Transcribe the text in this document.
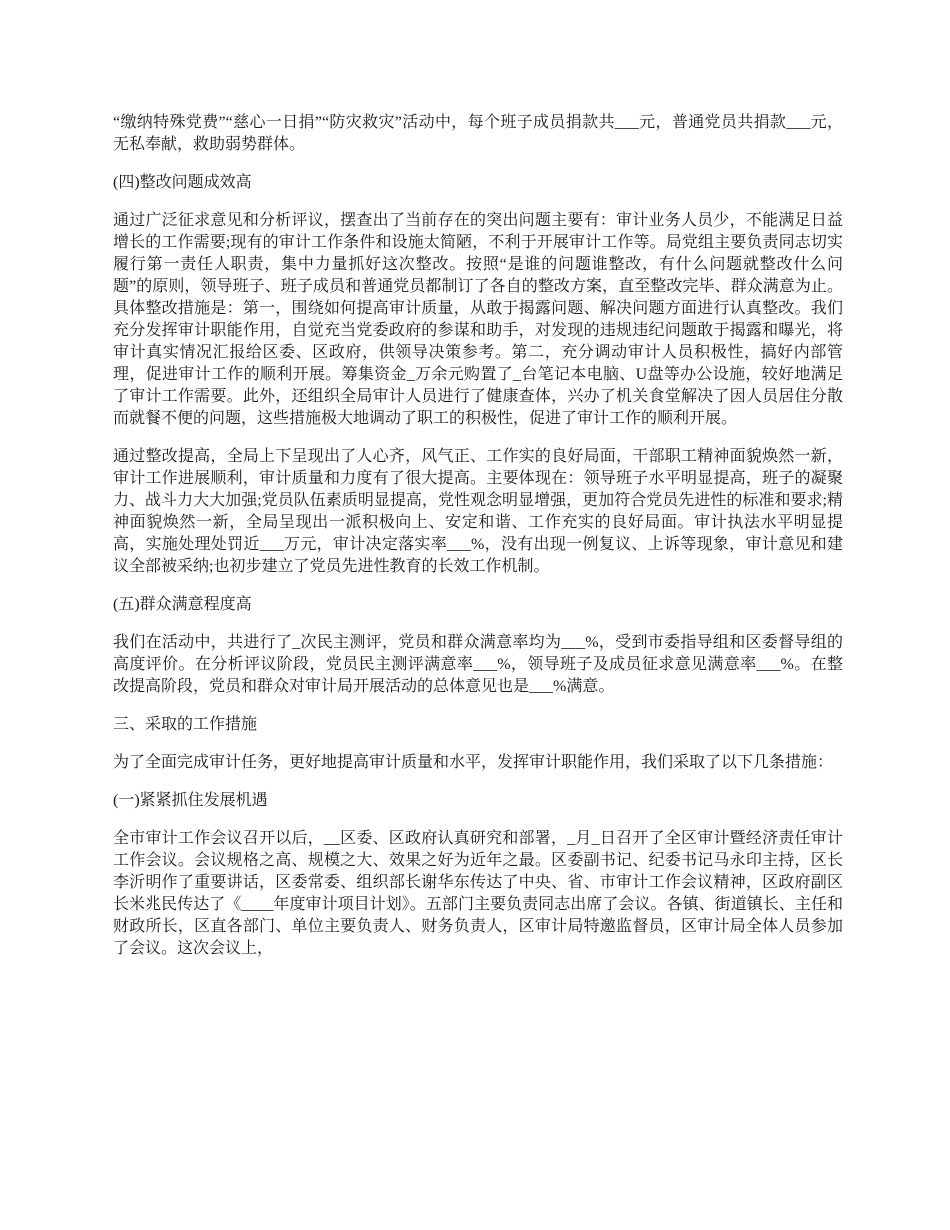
“缴纳特殊党费”“慈心一日捐”“防灾救灾”活动中，每个班子成员捐款共___元，普通党员共捐款___元，无私奉献，救助弱势群体。

(四)整改问题成效高

通过广泛征求意见和分析评议，摆查出了当前存在的突出问题主要有：审计业务人员少，不能满足日益增长的工作需要;现有的审计工作条件和设施太简陋，不利于开展审计工作等。局党组主要负责同志切实履行第一责任人职责，集中力量抓好这次整改。按照“是谁的问题谁整改，有什么问题就整改什么问题”的原则，领导班子、班子成员和普通党员都制订了各自的整改方案，直至整改完毕、群众满意为止。具体整改措施是：第一，围绕如何提高审计质量，从敢于揭露问题、解决问题方面进行认真整改。我们充分发挥审计职能作用，自觉充当党委政府的参谋和助手，对发现的违规违纪问题敢于揭露和曝光，将审计真实情况汇报给区委、区政府，供领导决策参考。第二，充分调动审计人员积极性，搞好内部管理，促进审计工作的顺利开展。筹集资金_万余元购置了_台笔记本电脑、U盘等办公设施，较好地满足了审计工作需要。此外，还组织全局审计人员进行了健康查体，兴办了机关食堂解决了因人员居住分散而就餐不便的问题，这些措施极大地调动了职工的积极性，促进了审计工作的顺利开展。

通过整改提高，全局上下呈现出了人心齐，风气正、工作实的良好局面，干部职工精神面貌焕然一新，审计工作进展顺利，审计质量和力度有了很大提高。主要体现在：领导班子水平明显提高，班子的凝聚力、战斗力大大加强;党员队伍素质明显提高，党性观念明显增强，更加符合党员先进性的标准和要求;精神面貌焕然一新，全局呈现出一派积极向上、安定和谐、工作充实的良好局面。审计执法水平明显提高，实施处理处罚近___万元，审计决定落实率___%，没有出现一例复议、上诉等现象，审计意见和建议全部被采纳;也初步建立了党员先进性教育的长效工作机制。

(五)群众满意程度高

我们在活动中，共进行了_次民主测评，党员和群众满意率均为___%，受到市委指导组和区委督导组的高度评价。在分析评议阶段，党员民主测评满意率___%，领导班子及成员征求意见满意率___%。在整改提高阶段，党员和群众对审计局开展活动的总体意见也是___%满意。

三、采取的工作措施

为了全面完成审计任务，更好地提高审计质量和水平，发挥审计职能作用，我们采取了以下几条措施：

(一)紧紧抓住发展机遇

全市审计工作会议召开以后，__区委、区政府认真研究和部署，_月_日召开了全区审计暨经济责任审计工作会议。会议规格之高、规模之大、效果之好为近年之最。区委副书记、纪委书记马永印主持，区长李沂明作了重要讲话，区委常委、组织部长谢华东传达了中央、省、市审计工作会议精神，区政府副区长米兆民传达了《____年度审计项目计划》。五部门主要负责同志出席了会议。各镇、街道镇长、主任和财政所长，区直各部门、单位主要负责人、财务负责人，区审计局特邀监督员，区审计局全体人员参加了会议。这次会议上，
